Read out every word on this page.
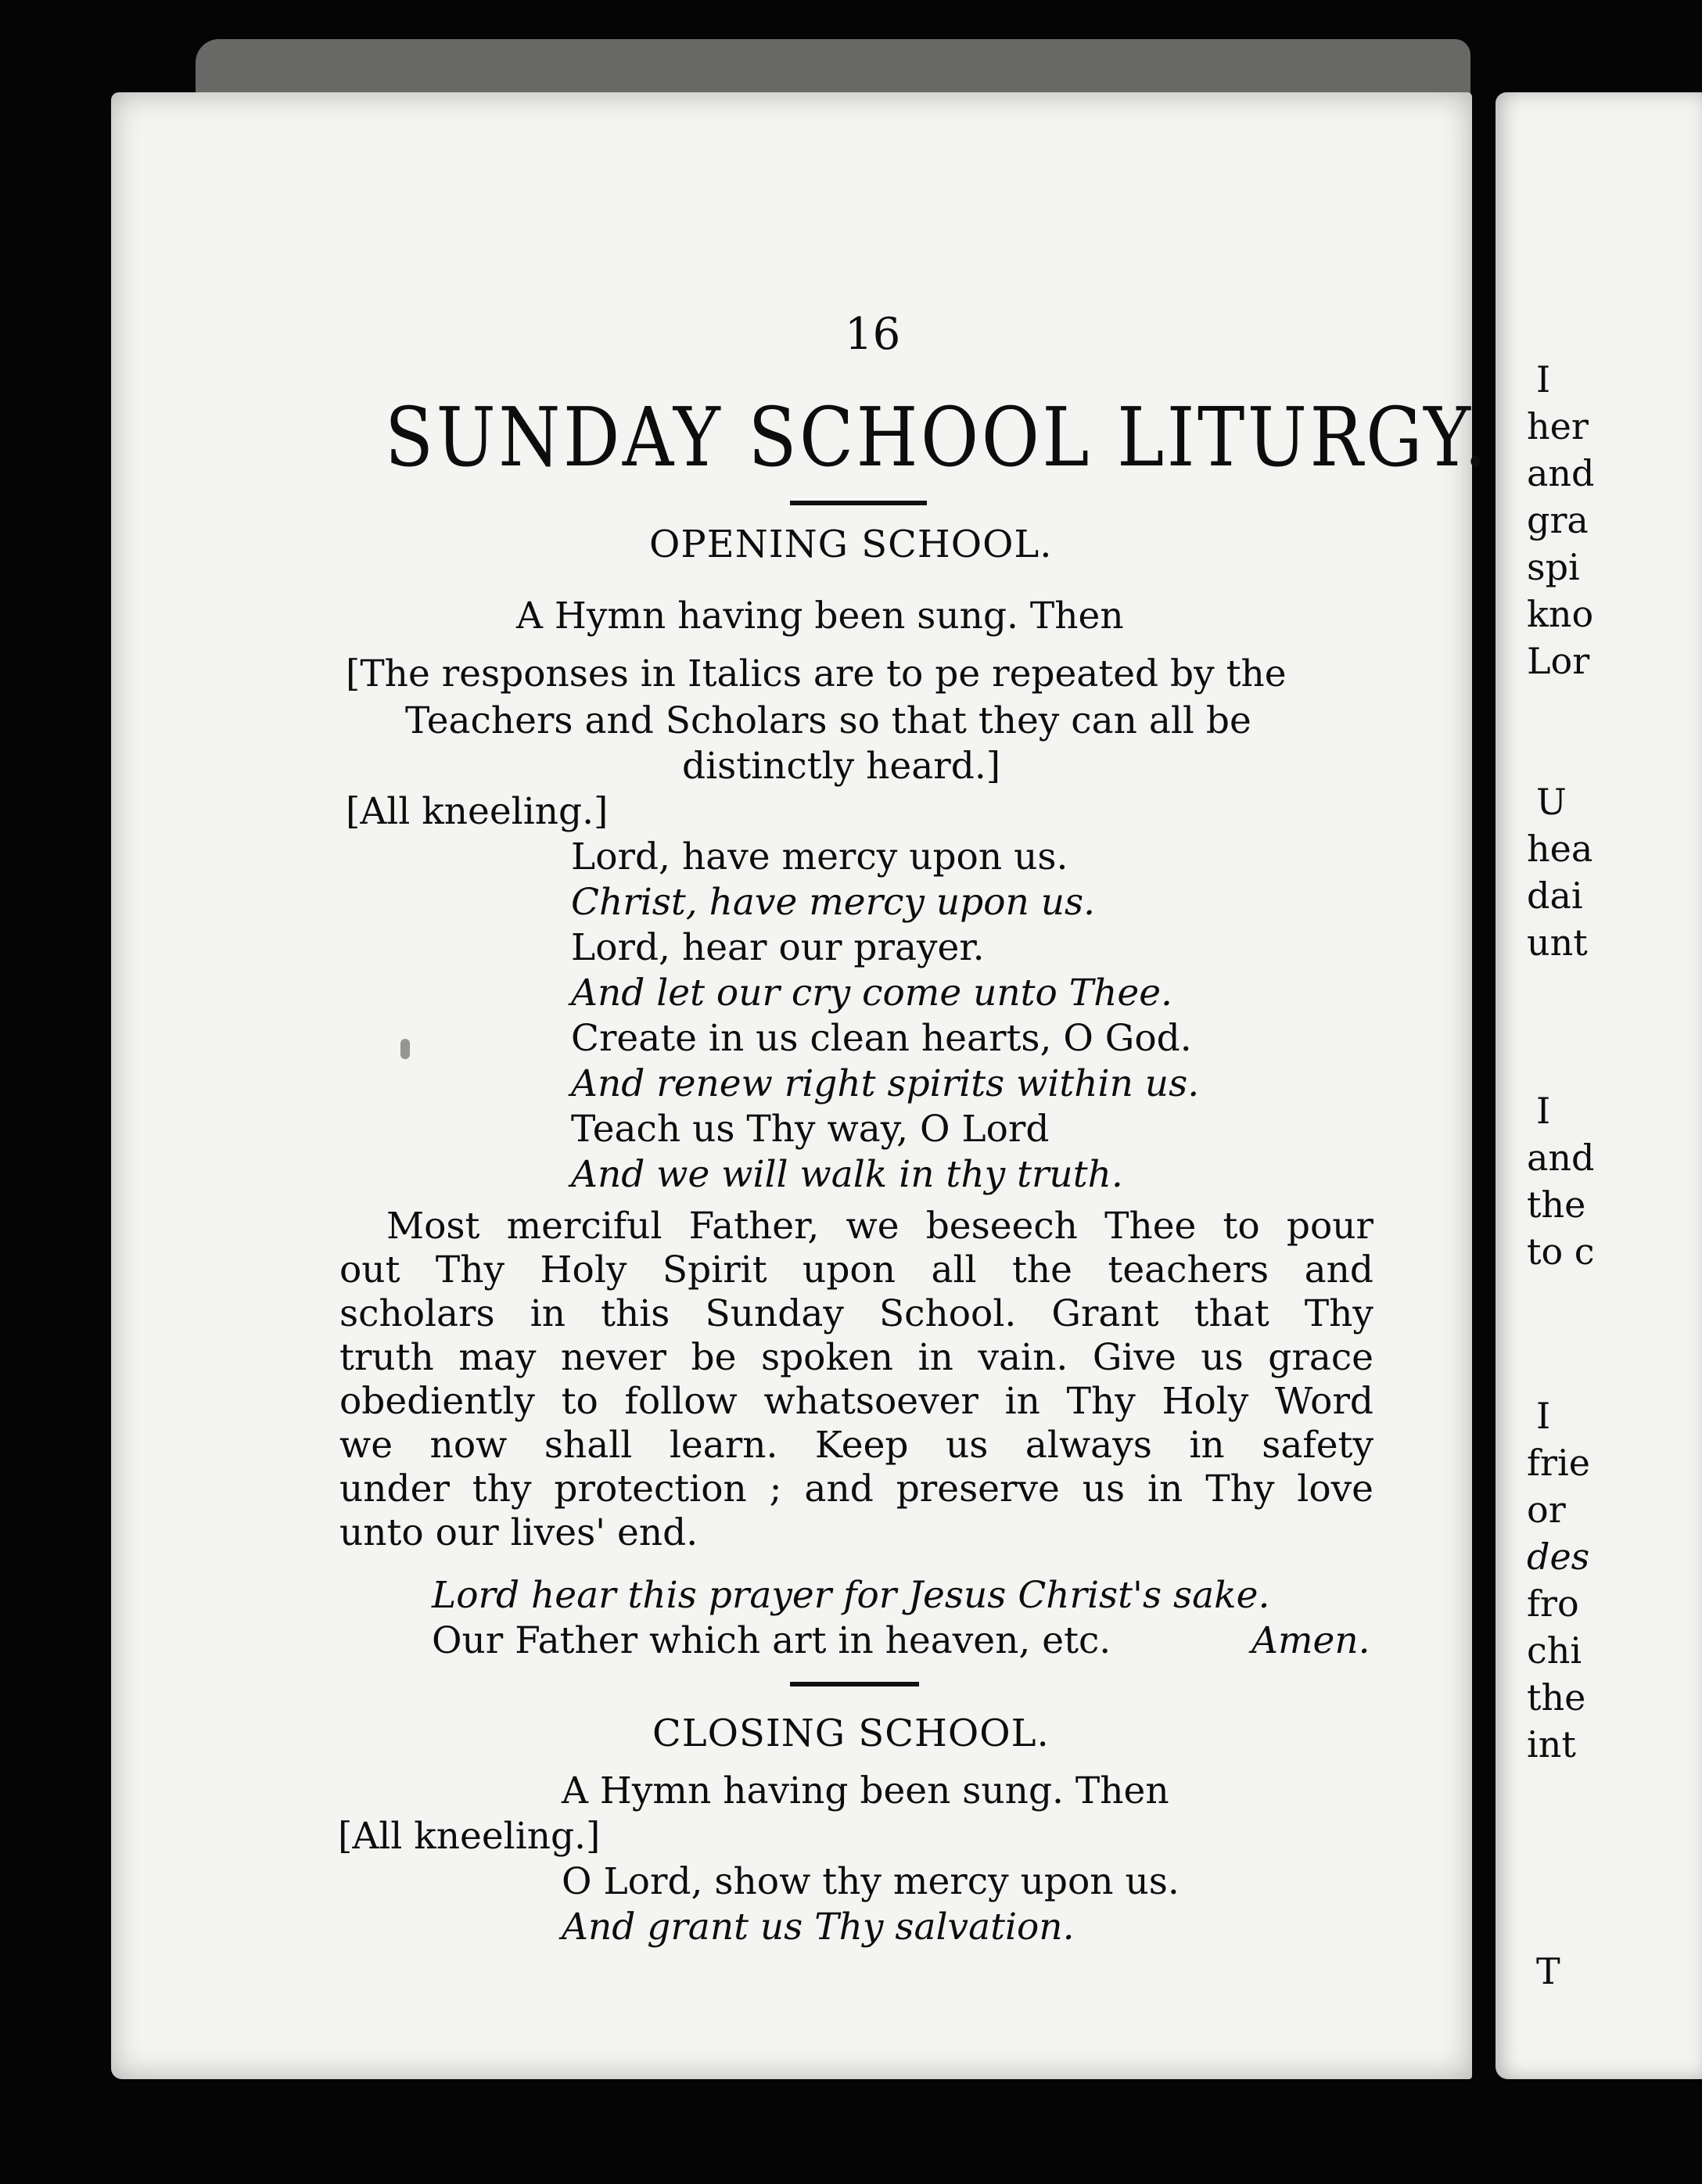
I
her
and
gra
spi
kno
Lor
U
hea
dai
unt
I
and
the
to c
I
frie
or
des
fro
chi
the
int
T
16
SUNDAY SCHOOL LITURGY.
OPENING SCHOOL.
A Hymn having been sung. Then
[The responses in Italics are to pe repeated by the
Teachers and Scholars so that they can all be
distinctly heard.]
[All kneeling.]
Lord, have mercy upon us.
Christ, have mercy upon us.
Lord, hear our prayer.
And let our cry come unto Thee.
Create in us clean hearts, O God.
And renew right spirits within us.
Teach us Thy way, O Lord
And we will walk in thy truth.
Most merciful Father, we beseech Thee to pour
out Thy Holy Spirit upon all the teachers and
scholars in this Sunday School. Grant that Thy
truth may never be spoken in vain. Give us grace
obediently to follow whatsoever in Thy Holy Word
we now shall learn. Keep us always in safety
under thy protection ; and preserve us in Thy love
unto our lives' end.
Lord hear this prayer for Jesus Christ's sake.
Our Father which art in heaven, etc.	Amen.
CLOSING SCHOOL.
A Hymn having been sung. Then
[All kneeling.]
O Lord, show thy mercy upon us.
And grant us Thy salvation.
